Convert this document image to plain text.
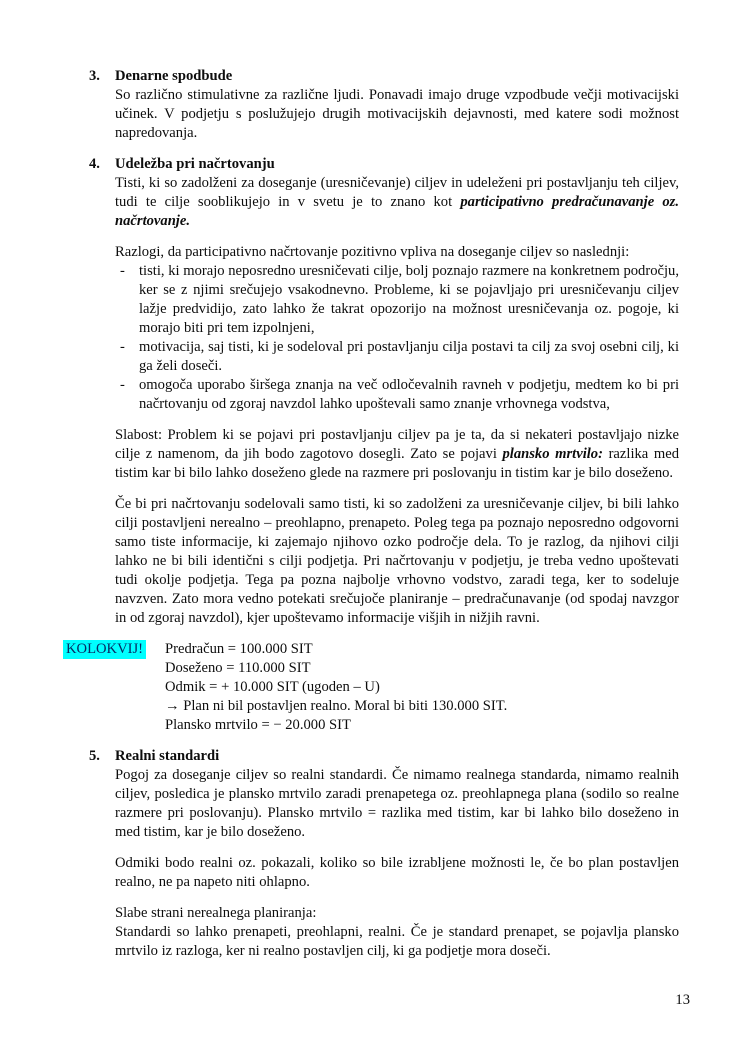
3.	Denarne spodbude

So različno stimulativne za različne ljudi. Ponavadi imajo druge vzpodbude večji motivacijski učinek. V podjetju s poslužujejo drugih motivacijskih dejavnosti, med katere sodi možnost napredovanja.

4.	Udeležba pri načrtovanju

Tisti, ki so zadolženi za doseganje (uresničevanje) ciljev in udeleženi pri postavljanju teh ciljev, tudi te cilje sooblikujejo in v svetu je to znano kot participativno predračunavanje oz. načrtovanje.

Razlogi, da participativno načrtovanje pozitivno vpliva na doseganje ciljev so naslednji:

- tisti, ki morajo neposredno uresničevati cilje, bolj poznajo razmere na konkretnem področju, ker se z njimi srečujejo vsakodnevno. Probleme, ki se pojavljajo pri uresničevanju ciljev lažje predvidijo, zato lahko že takrat opozorijo na možnost uresničevanja oz. pogoje, ki morajo biti pri tem izpolnjeni,
- motivacija, saj tisti, ki je sodeloval pri postavljanju cilja postavi ta cilj za svoj osebni cilj, ki ga želi doseči.
- omogoča uporabo širšega znanja na več odločevalnih ravneh v podjetju, medtem ko bi pri načrtovanju od zgoraj navzdol lahko upoštevali samo znanje vrhovnega vodstva,

Slabost: Problem ki se pojavi pri postavljanju ciljev pa je ta, da si nekateri postavljajo nizke cilje z namenom, da jih bodo zagotovo dosegli. Zato se pojavi plansko mrtvilo: razlika med tistim kar bi bilo lahko doseženo glede na razmere pri poslovanju in tistim kar je bilo doseženo.

Če bi pri načrtovanju sodelovali samo tisti, ki so zadolženi za uresničevanje ciljev, bi bili lahko cilji postavljeni nerealno – preohlapno, prenapeto. Poleg tega pa poznajo neposredno odgovorni samo tiste informacije, ki zajemajo njihovo ozko področje dela. To je razlog, da njihovi cilji lahko ne bi bili identični s cilji podjetja. Pri načrtovanju v podjetju, je treba vedno upoštevati tudi okolje podjetja. Tega pa pozna najbolje vrhovno vodstvo, zaradi tega, ker to sodeluje navzven. Zato mora vedno potekati srečujoče planiranje – predračunavanje (od spodaj navzgor in od zgoraj navzdol), kjer upoštevamo informacije višjih in nižjih ravni.

KOLOKVIJ! Predračun = 100.000 SIT
Doseženo = 110.000 SIT
Odmik = + 10.000 SIT (ugoden – U)
→ Plan ni bil postavljen realno. Moral bi biti 130.000 SIT.
Plansko mrtvilo = − 20.000 SIT
5.	Realni standardi

Pogoj za doseganje ciljev so realni standardi. Če nimamo realnega standarda, nimamo realnih ciljev, posledica je plansko mrtvilo zaradi prenapetega oz. preohlapnega plana (sodilo so realne razmere pri poslovanju). Plansko mrtvilo = razlika med tistim, kar bi lahko bilo doseženo in med tistim, kar je bilo doseženo.

Odmiki bodo realni oz. pokazali, koliko so bile izrabljene možnosti le, če bo plan postavljen realno, ne pa napeto niti ohlapno.

Slabe strani nerealnega planiranja:

Standardi so lahko prenapeti, preohlapni, realni. Če je standard prenapet, se pojavlja plansko mrtvilo iz razloga, ker ni realno postavljen cilj, ki ga podjetje mora doseči.

13
